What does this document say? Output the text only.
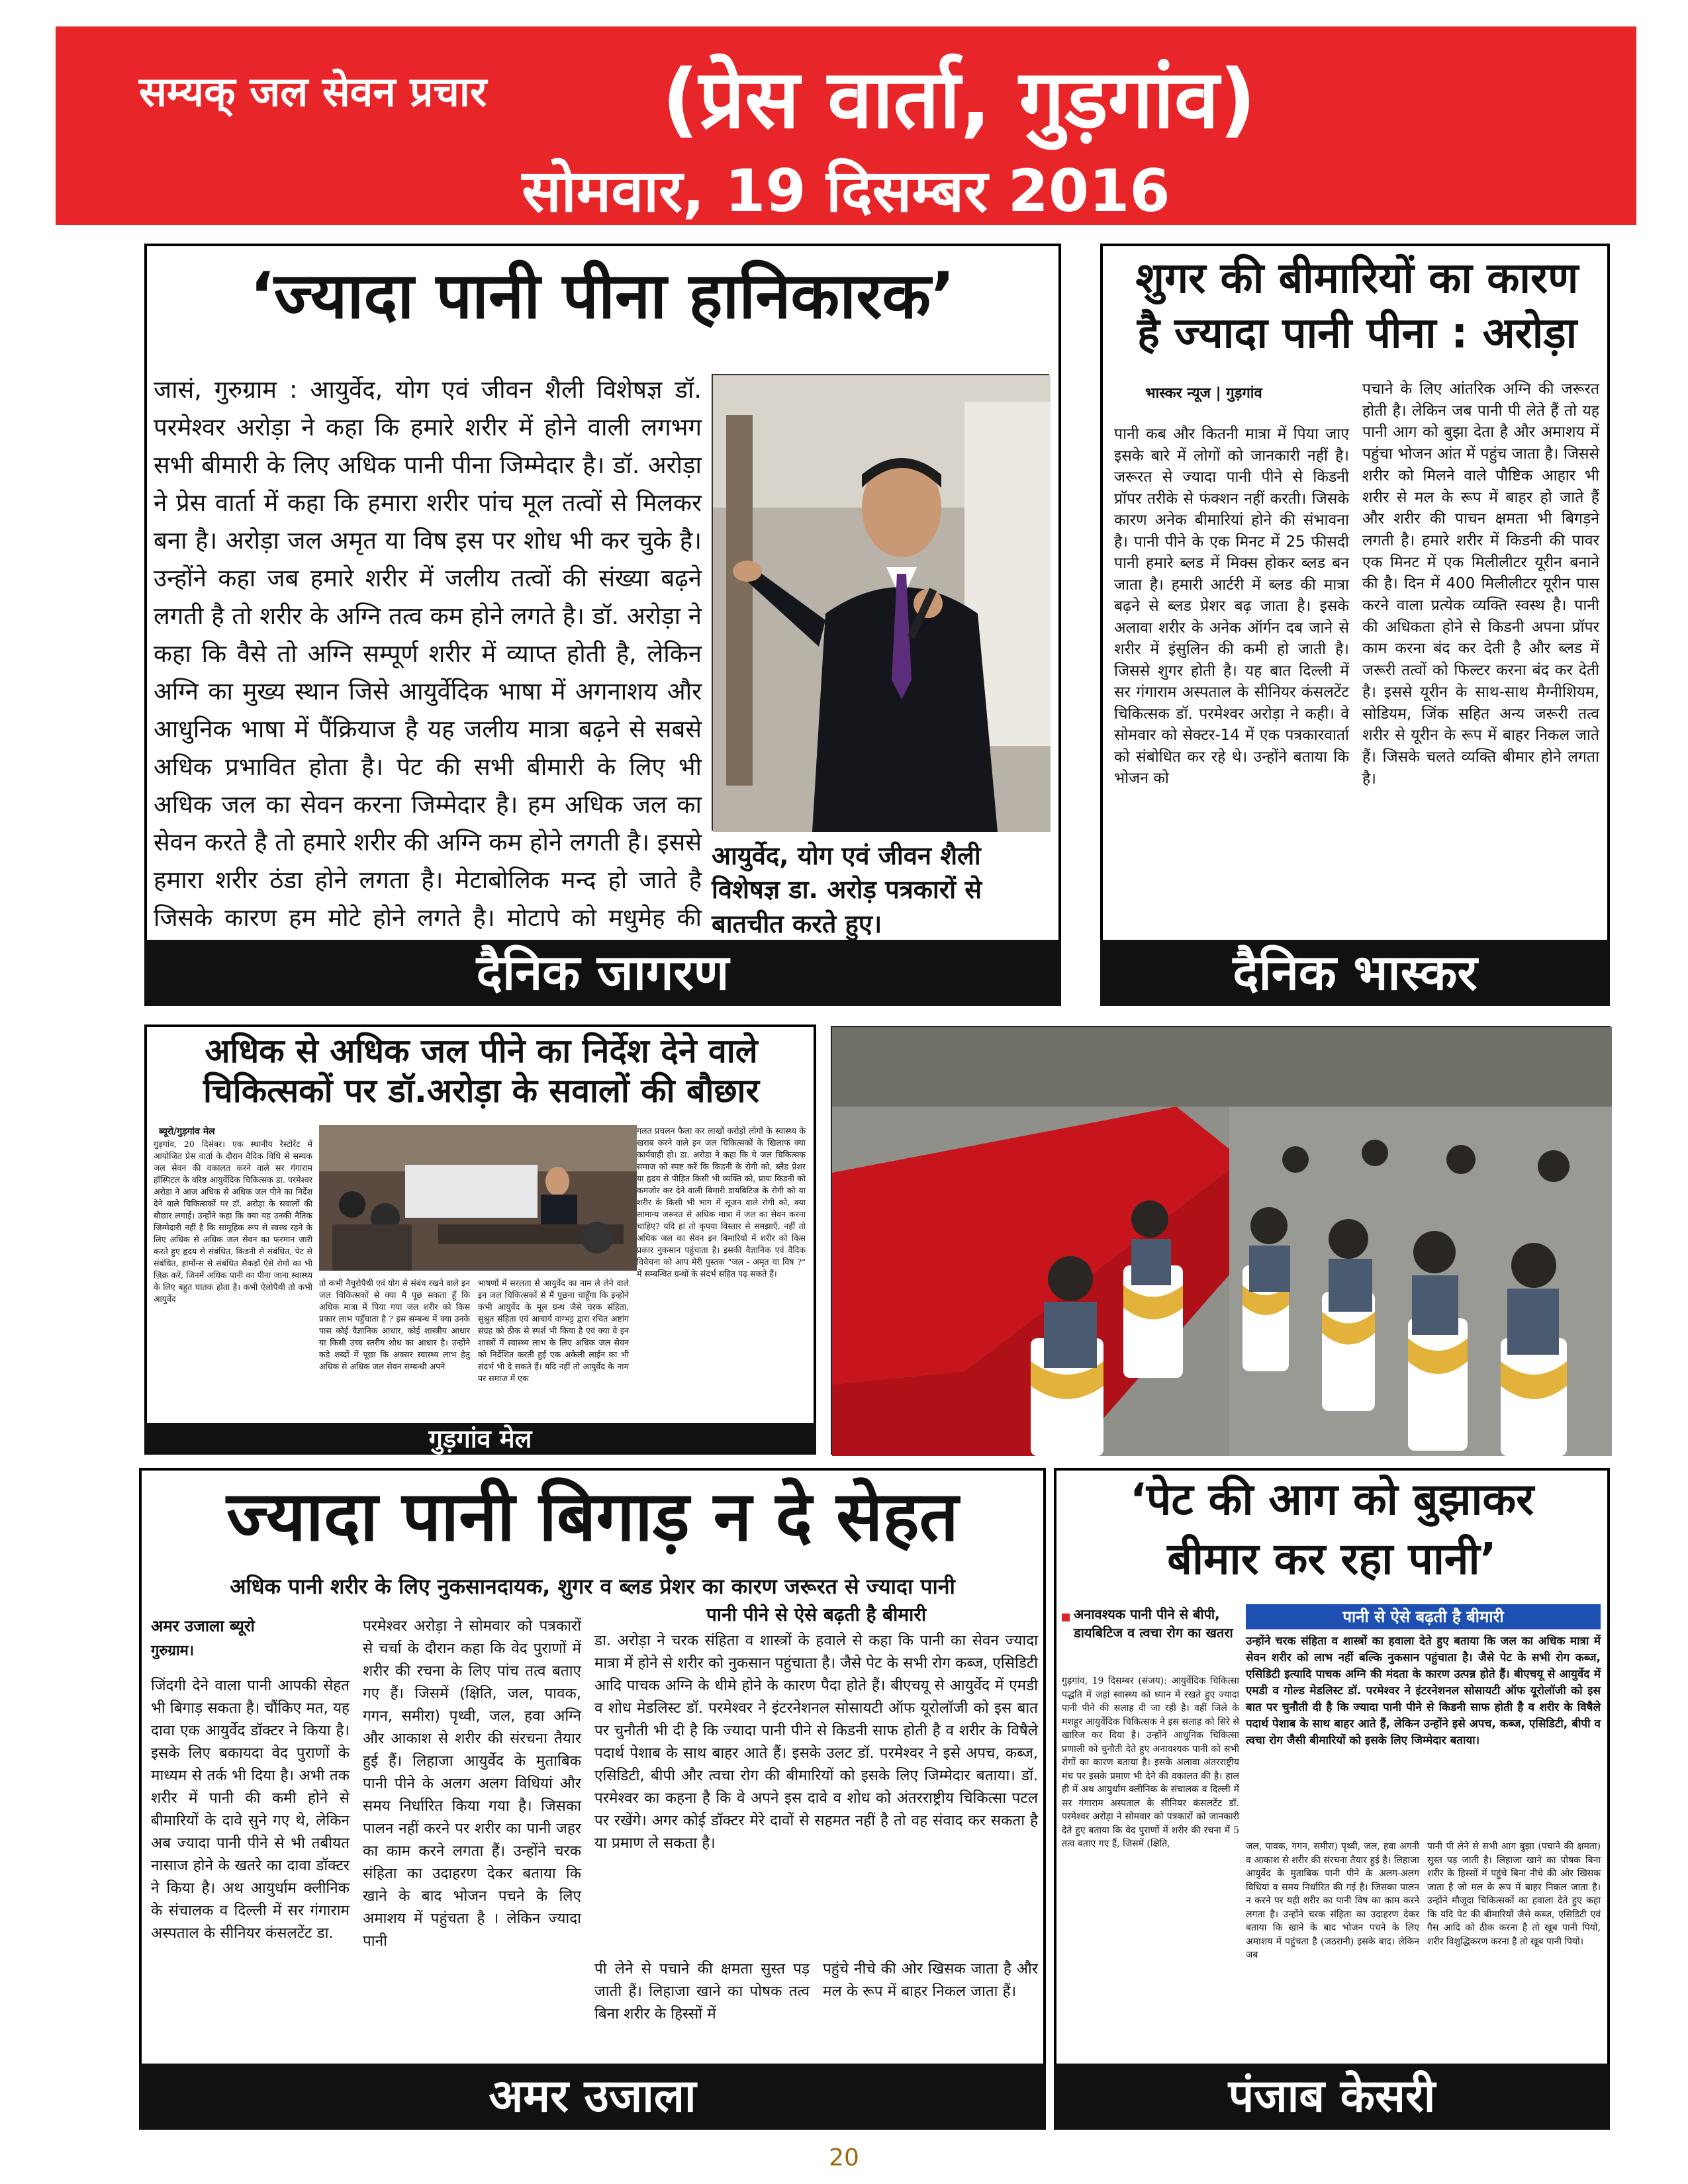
सम्यक् जल सेवन प्रचार	(प्रेस वार्ता, गुड़गांव)
सोमवार, 19 दिसम्बर 2016
‘ज्यादा पानी पीना हानिकारक’
जासं, गुरुग्राम : आयुर्वेद, योग एवं जीवन शैली विशेषज्ञ डॉ. परमेश्वर अरोड़ा ने कहा कि हमारे शरीर में होने वाली लगभग सभी बीमारी के लिए अधिक पानी पीना जिम्मेदार है। डॉ. अरोड़ा ने प्रेस वार्ता में कहा कि हमारा शरीर पांच मूल तत्वों से मिलकर बना है। अरोड़ा जल अमृत या विष इस पर शोध भी कर चुके है। उन्होंने कहा जब हमारे शरीर में जलीय तत्वों की संख्या बढ़ने लगती है तो शरीर के अग्नि तत्व कम होने लगते है। डॉ. अरोड़ा ने कहा कि वैसे तो अग्नि सम्पूर्ण शरीर में व्याप्त होती है, लेकिन अग्नि का मुख्य स्थान जिसे आयुर्वेदिक भाषा में अगनाशय और आधुनिक भाषा में पैंक्रियाज है यह जलीय मात्रा बढ़ने से सबसे अधिक प्रभावित होता है। पेट की सभी बीमारी के लिए भी अधिक जल का सेवन करना जिम्मेदार है। हम अधिक जल का सेवन करते है तो हमारे शरीर की अग्नि कम होने लगती है। इससे हमारा शरीर ठंडा होने लगता है। मेटाबोलिक मन्द हो जाते है जिसके कारण हम मोटे होने लगते है। मोटापे को मधुमेह की
आयुर्वेद, योग एवं जीवन शैली विशेषज्ञ डा. अरोड़ पत्रकारों से बातचीत करते हुए।
दैनिक जागरण
शुगर की बीमारियों का कारण
है ज्यादा पानी पीना : अरोड़ा
भास्कर न्यूज | गुड़गांव
पानी कब और कितनी मात्रा में पिया जाए इसके बारे में लोगों को जानकारी नहीं है। जरूरत से ज्यादा पानी पीने से किडनी प्रॉपर तरीके से फंक्शन नहीं करती। जिसके कारण अनेक बीमारियां होने की संभावना है। पानी पीने के एक मिनट में 25 फीसदी पानी हमारे ब्लड में मिक्स होकर ब्लड बन जाता है। हमारी आर्टरी में ब्लड की मात्रा बढ़ने से ब्लड प्रेशर बढ़ जाता है। इसके अलावा शरीर के अनेक ऑर्गन दब जाने से शरीर में इंसुलिन की कमी हो जाती है। जिससे शुगर होती है। यह बात दिल्ली में सर गंगाराम अस्पताल के सीनियर कंसलटेंट चिकित्सक डॉ. परमेश्वर अरोड़ा ने कही। वे सोमवार को सेक्टर-14 में एक पत्रकारवार्ता को संबोधित कर रहे थे। उन्होंने बताया कि भोजन को
पचाने के लिए आंतरिक अग्नि की जरूरत होती है। लेकिन जब पानी पी लेते हैं तो यह पानी आग को बुझा देता है और अमाशय में पहुंचा भोजन आंत में पहुंच जाता है। जिससे शरीर को मिलने वाले पौष्टिक आहार भी शरीर से मल के रूप में बाहर हो जाते हैं और शरीर की पाचन क्षमता भी बिगड़ने लगती है। हमारे शरीर में किडनी की पावर एक मिनट में एक मिलीलीटर यूरीन बनाने की है। दिन में 400 मिलीलीटर यूरीन पास करने वाला प्रत्येक व्यक्ति स्वस्थ है। पानी की अधिकता होने से किडनी अपना प्रॉपर काम करना बंद कर देती है और ब्लड में जरूरी तत्वों को फिल्टर करना बंद कर देती है। इससे यूरीन के साथ-साथ मैग्नीशियम, सोडियम, जिंक सहित अन्य जरूरी तत्व शरीर से यूरीन के रूप में बाहर निकल जाते हैं। जिसके चलते व्यक्ति बीमार होने लगता है।
दैनिक भास्कर
अधिक से अधिक जल पीने का निर्देश देने वाले
चिकित्सकों पर डॉ.अरोड़ा के सवालों की बौछार
ब्यूरो/गुड़गांव मेल
गुड़गांव, 20 दिसंबर। एक स्थानीय रेस्टोरेंट में आयोजित प्रेस वार्ता के दौरान वैदिक विधि से सम्यक जल सेवन की वकालत करने वाले सर गंगाराम हॉस्पिटल के वरिष्ठ आयुर्वेदिक चिकित्सक डा. परमेश्वर अरोडा ने आज अधिक से अधिक जल पीने का निर्देश देने वाले चिकित्सकों पर डॉ. अरोड़ा के सवालों की बौछार लगाई। उन्होंने कहा कि क्या यह उनकी नैतिक जिम्मेदारी नहीं है कि सामूहिक रूप से स्वस्थ रहने के लिए अधिक से अधिक जल सेवन का फरमान जारी करते हुए हृदय से संबंधित, किडनी से संबंधित, पेट से संबंधित, हार्मोन्स से संबंधित सैकड़ों ऐसे रोगों का भी ज़िक्र करें, जिनमें अधिक पानी का पीना जाना स्वास्थ्य के लिए बहुत घातक होता है। कभी ऐलोपैथी तो कभी आयुर्वेद
तो कभी नैचुरोपैथी एवं योग से संबंध रखने वाले इन जल चिकित्सकों से क्या मैं पूछ सकता हूँ कि अधिक मात्रा में पिया गया जल शरीर को किस प्रकार लाभ पहुँचाता है ? इस सम्बन्ध में क्या उनके पास कोई वैज्ञानिक आधार, कोई शास्त्रीय आधार या किसी उच्च स्तरीय शोध का आधार है। उन्होंने कडे शब्दों में पूछा कि अक्सर स्वास्थ्य लाभ हेतु अधिक से अधिक जल सेवन सम्बन्धी अपने
भाषणों में सरलता से आयुर्वेद का नाम ले लेने वाले इन जल चिकित्सकों से मैं पूछना चाहूँगा कि इन्होंने कभी आयुर्वेद के मूल ग्रन्थ जैसे चरक संहिता, सुश्रुत संहिता एवं आचार्य वाग्भट्ट द्वारा रचित अष्टांग संग्रह को ठीक से स्पर्श भी किया है एवं क्या वे इन शास्त्रों में स्वास्थ्य लाभ के लिए अधिक जल सेवन को निर्देशित करती हुई एक अकेली लाईन का भी संदर्भ भी दे सकते हैं। यदि नहीं तो आयुर्वेद के नाम पर समाज में एक
गलत प्रचलन फैला कर लाखों करोड़ों लोगों के स्वास्थ्य के खराब करने वाले इन जल चिकित्सकों के खिलाफ क्या कार्यवाही हो। डा. अरोडा ने कहा कि ये जल चिकित्सक समाज को स्पष्ट करें कि किडनी के रोगी को, ब्लैड प्रेशर या हृदय से पीड़ित किसी भी व्यक्ति को, प्रायः किडनी को कमजोर कर देने वाली बिमारी डायबिटिज के रोगी को या शरीर के किसी भी भाग में सूजन वाले रोगी को, क्या सामान्य जरूरत से अधिक मात्रा में जल का सेवन करना चाहिए? यदि हां तो कृपया विस्तार से समझाएँ, नहीं तो अधिक जल का सेवन इन बिमारियों में शरीर को किस प्रकार नुकसान पहुंचाता है। इसकी वैज्ञानिक एवं वैदिक विवेचना को आप मेरी पुस्तक "जल - अमृत या विष ?" में सम्बन्धित ग्रन्थों के संदर्भ सहित पढ़ सकते हैं।
गुड़गांव मेल
ज्यादा पानी बिगाड़ न दे सेहत
अधिक पानी शरीर के लिए नुकसानदायक, शुगर व ब्लड प्रेशर का कारण जरूरत से ज्यादा पानी
अमर उजाला ब्यूरो
गुरुग्राम।
जिंदगी देने वाला पानी आपकी सेहत भी बिगाड़ सकता है। चौंकिए मत, यह दावा एक आयुर्वेद डॉक्टर ने किया है। इसके लिए बकायदा वेद पुराणों के माध्यम से तर्क भी दिया है। अभी तक शरीर में पानी की कमी होने से बीमारियों के दावे सुने गए थे, लेकिन अब ज्यादा पानी पीने से भी तबीयत नासाज होने के खतरे का दावा डॉक्टर ने किया है। अथ आयुर्धाम क्लीनिक के संचालक व दिल्ली में सर गंगाराम अस्पताल के सीनियर कंसलटेंट डा.
परमेश्वर अरोड़ा ने सोमवार को पत्रकारों से चर्चा के दौरान कहा कि वेद पुराणों में शरीर की रचना के लिए पांच तत्व बताए गए हैं। जिसमें (क्षिति, जल, पावक, गगन, समीरा) पृथ्वी, जल, हवा अग्नि और आकाश से शरीर की संरचना तैयार हुई हैं। लिहाजा आयुर्वेद के मुताबिक पानी पीने के अलग अलग विधियां और समय निर्धारित किया गया है। जिसका पालन नहीं करने पर शरीर का पानी जहर का काम करने लगता हैं। उन्होंने चरक संहिता का उदाहरण देकर बताया कि खाने के बाद भोजन पचने के लिए अमाशय में पहुंचता है । लेकिन ज्यादा पानी
पानी पीने से ऐसे बढ़ती है बीमारी
डा. अरोड़ा ने चरक संहिता व शास्त्रों के हवाले से कहा कि पानी का सेवन ज्यादा मात्रा में होने से शरीर को नुकसान पहुंचाता है। जैसे पेट के सभी रोग कब्ज, एसिडिटी आदि पाचक अग्नि के धीमे होने के कारण पैदा होते हैं। बीएचयू से आयुर्वेद में एमडी व शोध मेडलिस्ट डॉ. परमेश्वर ने इंटरनेशनल सोसायटी ऑफ यूरोलॉजी को इस बात पर चुनौती भी दी है कि ज्यादा पानी पीने से किडनी साफ होती है व शरीर के विषैले पदार्थ पेशाब के साथ बाहर आते हैं। इसके उलट डॉ. परमेश्वर ने इसे अपच, कब्ज, एसिडिटी, बीपी और त्वचा रोग की बीमारियों को इसके लिए जिम्मेदार बताया। डॉ. परमेश्वर का कहना है कि वे अपने इस दावे व शोध को अंतरराष्ट्रीय चिकित्सा पटल पर रखेंगे। अगर कोई डॉक्टर मेरे दावों से सहमत नहीं है तो वह संवाद कर सकता है या प्रमाण ले सकता है।
पी लेने से पचाने की क्षमता सुस्त पड़ जाती हैं। लिहाजा खाने का पोषक तत्व बिना शरीर के हिस्सों में
पहुंचे नीचे की ओर खिसक जाता है और मल के रूप में बाहर निकल जाता हैं।
अमर उजाला
‘पेट की आग को बुझाकर
बीमार कर रहा पानी’
अनावश्यक पानी पीने से बीपी, डायबिटिज व त्वचा रोग का खतरा
पानी से ऐसे बढ़ती है बीमारी
उन्होंने चरक संहिता व शास्त्रों का हवाला देते हुए बताया कि जल का अधिक मात्रा में सेवन शरीर को लाभ नहीं बल्कि नुकसान पहुंचाता है। जैसे पेट के सभी रोग कब्ज, एसिडिटी इत्यादि पाचक अग्नि की मंदता के कारण उत्पन्न होते हैं। बीएचयू से आयुर्वेद में एमडी व गोल्ड मेडलिस्ट डॉ. परमेश्वर ने इंटरनेशनल सोसायटी ऑफ यूरोलॉजी को इस बात पर चुनौती दी है कि ज्यादा पानी पीने से किडनी साफ होती है व शरीर के विषैले पदार्थ पेशाब के साथ बाहर आते हैं, लेकिन उन्होंने इसे अपच, कब्ज, एसिडिटी, बीपी व त्वचा रोग जैसी बीमारियों को इसके लिए जिम्मेदार बताया।
गुड़गांव, 19 दिसम्बर (संजय): आयुर्वेदिक चिकित्सा पद्धति में जहां स्वास्थ्य को ध्यान में रखते हुए ज्यादा पानी पीने की सलाह दी जा रही है। वहीं जिले के मशहूर आयुर्वेदिक चिकित्सक ने इस सलाह को सिरे से खारिज कर दिया है। उन्होंने आधुनिक चिकित्सा प्रणाली को चुनौती देते हुए अनावश्यक पानी को सभी रोगों का कारण बताया है। इसके अलावा अंतरराष्ट्रीय मंच पर इसके प्रमाण भी देने की वकालत की है। हाल ही में अथ आयुर्धाम क्लीनिक के संचालक व दिल्ली में सर गंगाराम अस्पताल के सीनियर कंसलटेंट डॉ. परमेश्वर अरोड़ा ने सोमवार को पत्रकारों को जानकारी देते हुए बताया कि वेद पुराणों में शरीर की रचना में 5 तत्व बताए गए हैं, जिसमें (क्षिति,	जल, पावक, गगन, समीरा) पृथ्वी, जल, हवा अगनी व आकाश से शरीर की संरचना तैयार हुई है। लिहाजा आयुर्वेद के मुताबिक पानी पीने के अलग-अलग विधियां व समय निर्धारित की गई है। जिसका पालन न करने पर यही शरीर का पानी विष का काम करने लगता है। उन्होंने चरक संहिता का उदाहरण देकर बताया कि खाने के बाद भोजन पचने के लिए अमाशय में पहुंचता है (जठरानी) इसके बाद। लेकिन जब
पानी पी लेने से सभी आग बुझा (पचाने की क्षमता) सुस्त पड़ जाती है। लिहाजा खाने का पोषक बिना शरीर के हिस्सों में पहुंचे बिना नीचे की ओर खिसक जाता है जो मल के रूप में बाहर निकल जाता है। उन्होंने मौजूदा चिकित्सकों का हवाला देते हुए कहा कि यदि पेट की बीमारियों जैसे कब्ज, एसिडिटी एवं गैस आदि को ठीक करना है तो खूब पानी पियो, शरीर विशुद्धिकरण करना है तो खूब पानी पियो।
पंजाब केसरी
20
